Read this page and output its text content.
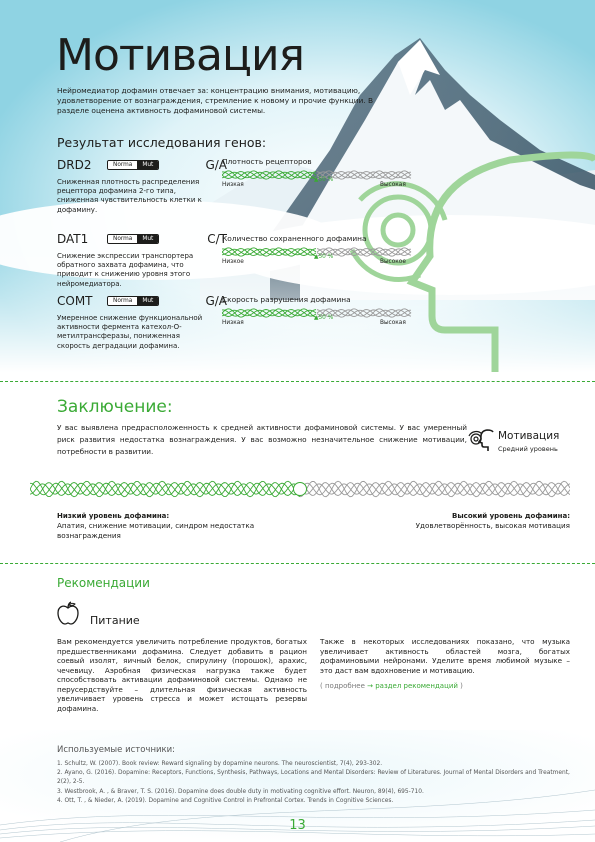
Мотивация
Нейромедиатор дофамин отвечает за: концентрацию внимания, мотивацию, удовлетворение от вознаграждения, стремление к новому и прочие функции. В разделе оценена активность дофаминовой системы.
Результат исследования генов:
DRD2	Norma	Mut	G/A
Сниженная плотность распределения рецептора дофамина 2-го типа, сниженная чувствительность клетки к дофамину.
DAT1	Norma	Mut	C/T
Снижение экспрессии транспортера обратного захвата дофамина, что приводит к снижению уровня этого нейромедиатора.
COMT	Norma	Mut	G/A
Умеренное снижение функциональной активности фермента катехол-О-метилтрансферазы, пониженная скорость деградации дофамина.
Плотность рецепторов
Низкая
▲50 %
Высокая
Количество сохраненного дофамина
Низкое
▲50 %
Высокое
Скорость разрушения дофамина
Низкая
▲50 %
Высокая
Заключение:
У вас выявлена предрасположенность к средней активности дофаминовой системы. У вас умеренный риск развития недостатка вознаграждения. У вас возможно незначительное снижение мотивации, потребности в развитии.
Мотивация
Средний уровень
Низкий уровень дофамина:
Апатия, снижение мотивации, синдром недостатка вознаграждения
Высокий уровень дофамина:
Удовлетворённость, высокая мотивация
Рекомендации
Питание
Вам рекомендуется увеличить потребление продуктов, богатых предшественниками дофамина. Следует добавить в рацион соевый изолят, яичный белок, спирулину (порошок), арахис, чечевицу. Аэробная физическая нагрузка также будет способствовать активации дофаминовой системы. Однако не перусердствуйте – длительная физическая активность увеличивает уровень стресса и может истощать резервы дофамина.
Также в некоторых исследованиях показано, что музыка увеличивает активность областей мозга, богатых дофаминовыми нейронами. Уделите время любимой музыке – это даст вам вдохновение и мотивацию.
( подробнее → раздел рекомендаций )
Используемые источники:
1. Schultz, W. (2007). Book review: Reward signaling by dopamine neurons. The neuroscientist, 7(4), 293-302.
2. Ayano, G. (2016). Dopamine: Receptors, Functions, Synthesis, Pathways, Locations and Mental Disorders: Review of Literatures. Journal of Mental Disorders and Treatment, 2(2), 2-5.
3. Westbrook, A. , & Braver, T. S. (2016). Dopamine does double duty in motivating cognitive effort. Neuron, 89(4), 695-710.
4. Ott, T. , & Nieder, A. (2019). Dopamine and Cognitive Control in Prefrontal Cortex. Trends in Cognitive Sciences.
13
